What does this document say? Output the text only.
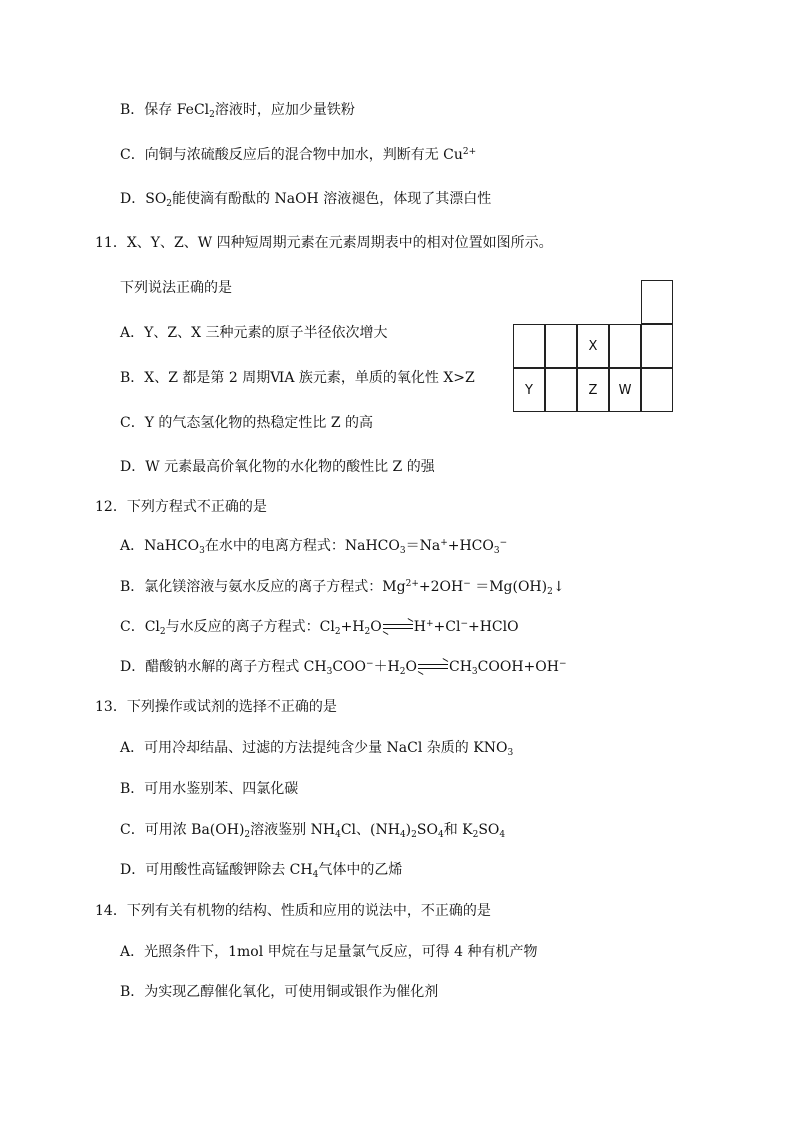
B．保存 FeCl$_2$溶液时，应加少量铁粉
C．向铜与浓硫酸反应后的混合物中加水，判断有无 $Cu^{2+}$
D．$SO_2$能使滴有酚酞的 NaOH 溶液褪色，体现了其漂白性
11．X、Y、Z、W 四种短周期元素在元素周期表中的相对位置如图所示。
下列说法正确的是
A．Y、Z、X 三种元素的原子半径依次增大
B．X、Z 都是第 2 周期ⅥA 族元素，单质的氧化性 X>Z
C．Y 的气态氢化物的热稳定性比 Z 的高
D．W 元素最高价氧化物的水化物的酸性比 Z 的强
X
Y	Z	W
12．下列方程式不正确的是
A．NaHCO$_3$在水中的电离方程式：$NaHCO_3=Na^++HCO_3^-$
B．氯化镁溶液与氨水反应的离子方程式：$Mg^{2+}+2OH^-$ $=Mg(OH)_2↓$
C．$Cl_2$与水反应的离子方程式：$Cl_2+H_2O\rightleftharpoons H^++Cl^-+HClO$
D．醋酸钠水解的离子方程式 $CH_3COO^-+H_2O\rightleftharpoons CH_3COOH+OH^-$
13．下列操作或试剂的选择不正确的是
A．可用冷却结晶、过滤的方法提纯含少量 NaCl 杂质的 $KNO_3$
B．可用水鉴别苯、四氯化碳
C．可用浓 $Ba(OH)_2$溶液鉴别 $NH_4Cl$、$(NH_4)_2SO_4$和 $K_2SO_4$
D．可用酸性高锰酸钾除去 $CH_4$气体中的乙烯
14．下列有关有机物的结构、性质和应用的说法中，不正确的是
A．光照条件下，1mol 甲烷在与足量氯气反应，可得 4 种有机产物
B．为实现乙醇催化氧化，可使用铜或银作为催化剂
